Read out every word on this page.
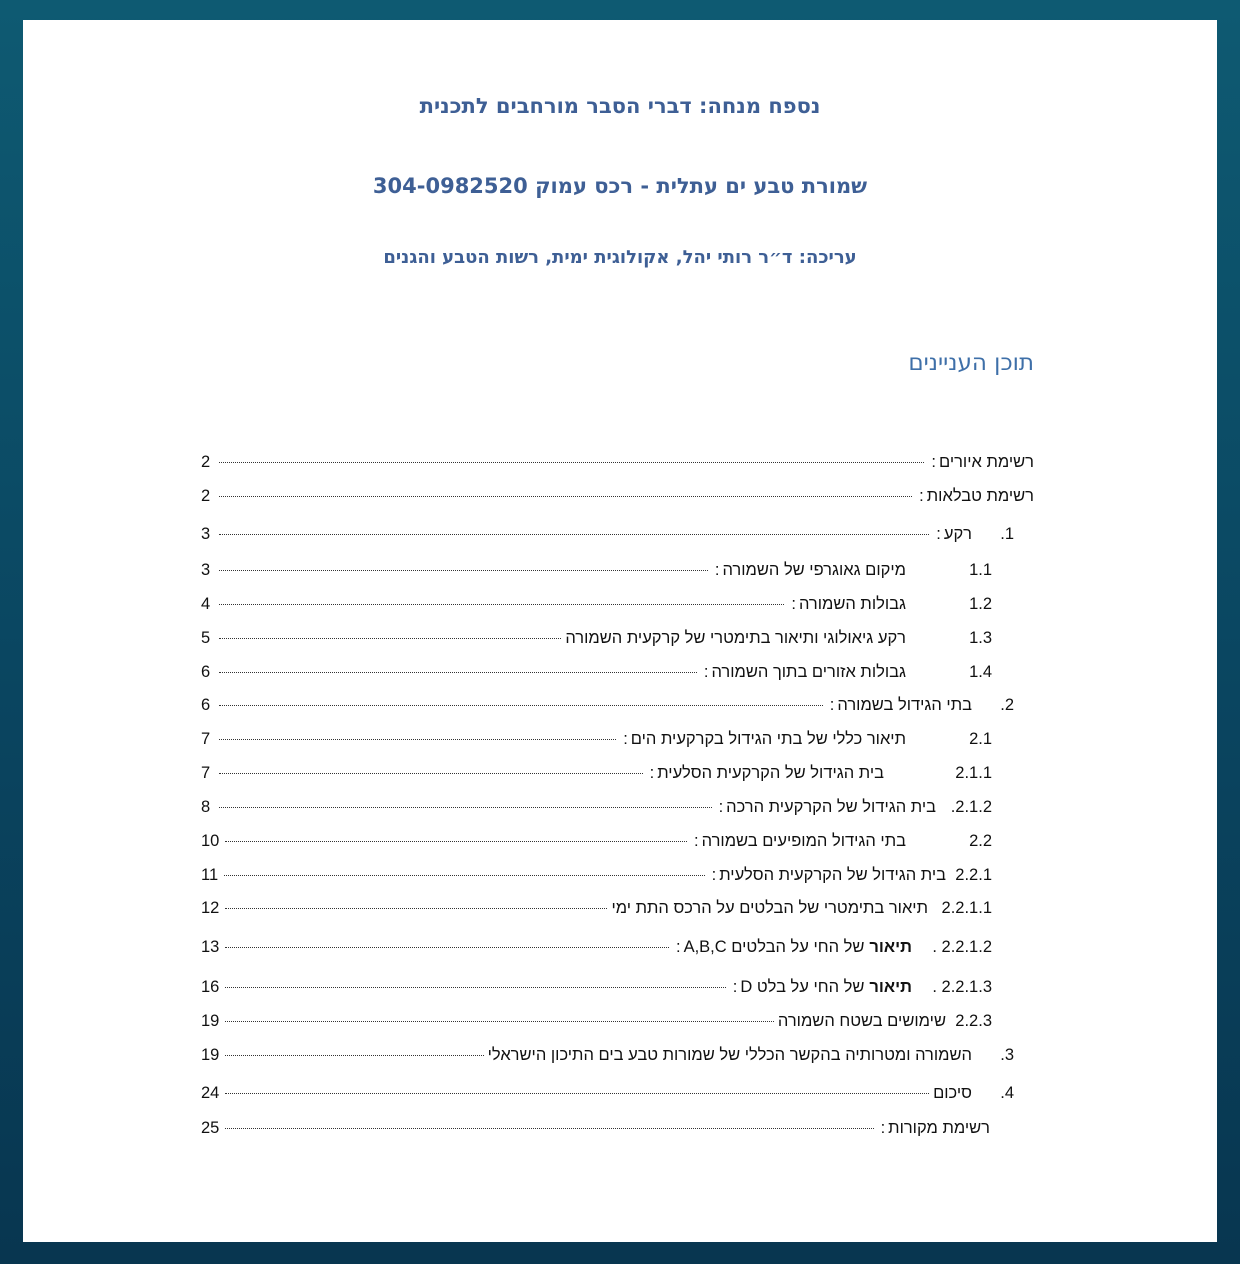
נספח מנחה: דברי הסבר מורחבים לתכנית
שמורת טבע ים עתלית - רכס עמוק 304-0982520
עריכה: ד״ר רותי יהל, אקולוגית ימית, רשות הטבע והגנים
תוכן העניינים
רשימת איורים
:
2
רשימת טבלאות
:
2
1.
רקע
:
3
1.1
מיקום גאוגרפי של השמורה
:
3
1.2
גבולות השמורה
:
4
1.3
רקע גיאולוגי ותיאור בתימטרי של קרקעית השמורה
5
1.4
גבולות אזורים בתוך השמורה
:
6
2.
בתי הגידול בשמורה
:
6
2.1
תיאור כללי של בתי הגידול בקרקעית הים
:
7
2.1.1
בית הגידול של הקרקעית הסלעית
:
7
2.1.2.
בית הגידול של הקרקעית הרכה
:
8
2.2
בתי הגידול המופיעים בשמורה
:
10
2.2.1
בית הגידול של הקרקעית הסלעית
:
11
2.2.1.1
תיאור בתימטרי של הבלטים על הרכס התת ימי
12
2.2.1.2 .
תיאור
של החי על הבלטים A,B,C
:
13
2.2.1.3 .
תיאור
של החי על בלט D
:
16
2.2.3
שימושים בשטח השמורה
19
3.
השמורה ומטרותיה בהקשר הכללי של שמורות טבע בים התיכון הישראלי
19
4.
סיכום
24
רשימת מקורות
:
25
